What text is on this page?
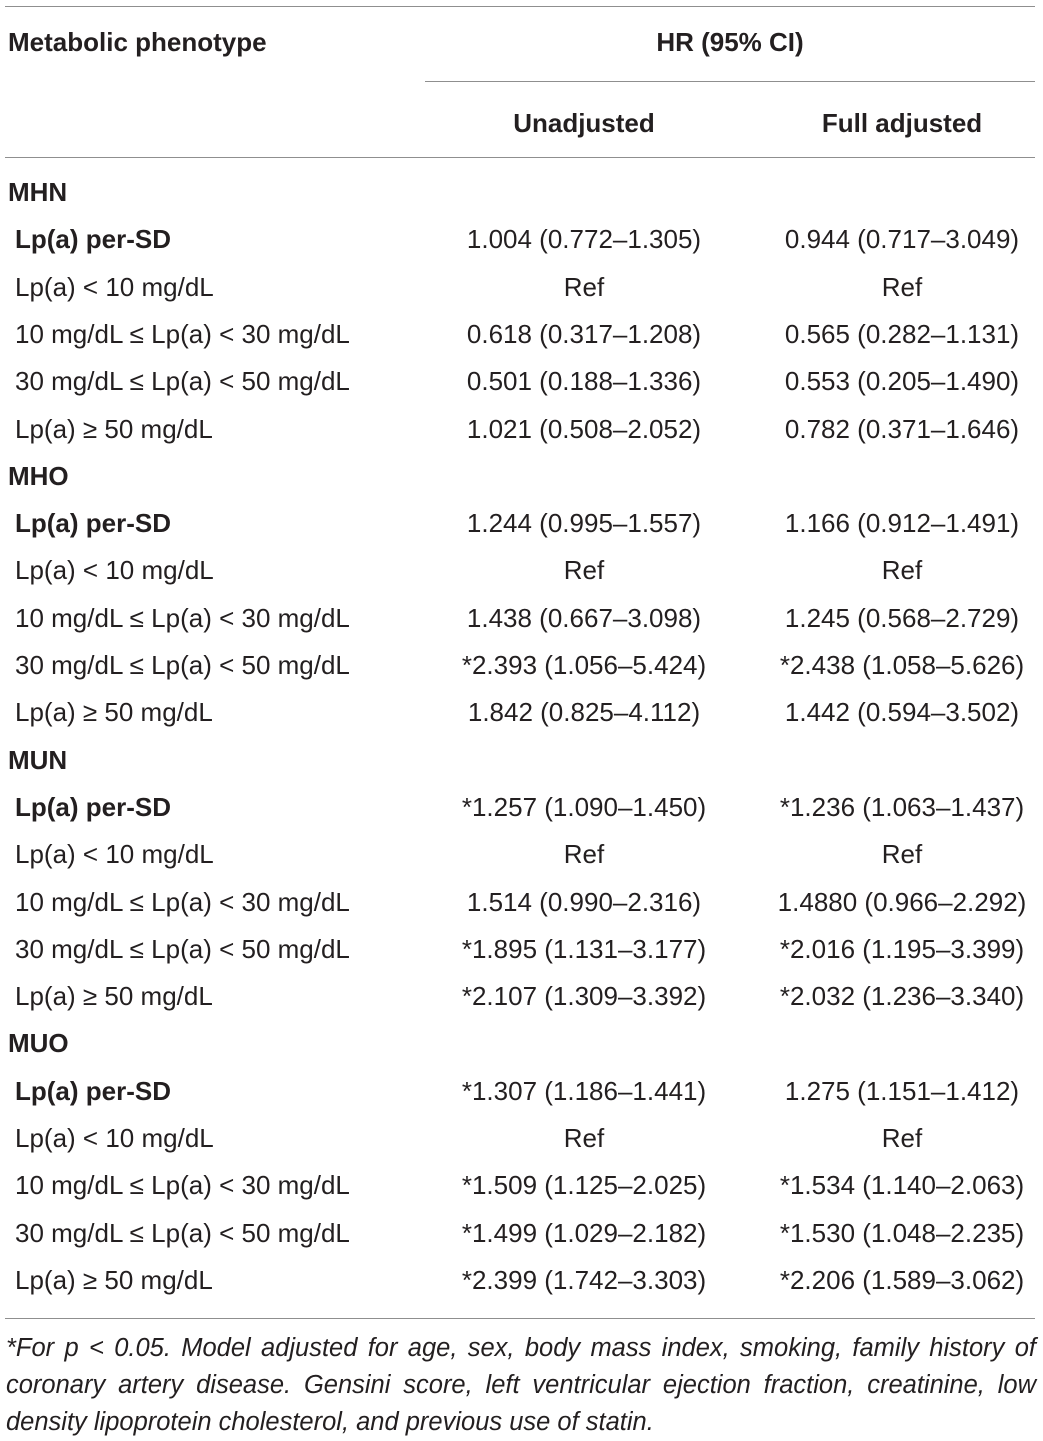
Metabolic phenotype	HR (95% CI)
Unadjusted	Full adjusted
MHN
Lp(a) per-SD	1.004 (0.772–1.305)	0.944 (0.717–3.049)
Lp(a) < 10 mg/dL	Ref	Ref
10 mg/dL ≤ Lp(a) < 30 mg/dL	0.618 (0.317–1.208)	0.565 (0.282–1.131)
30 mg/dL ≤ Lp(a) < 50 mg/dL	0.501 (0.188–1.336)	0.553 (0.205–1.490)
Lp(a) ≥ 50 mg/dL	1.021 (0.508–2.052)	0.782 (0.371–1.646)
MHO
Lp(a) per-SD	1.244 (0.995–1.557)	1.166 (0.912–1.491)
Lp(a) < 10 mg/dL	Ref	Ref
10 mg/dL ≤ Lp(a) < 30 mg/dL	1.438 (0.667–3.098)	1.245 (0.568–2.729)
30 mg/dL ≤ Lp(a) < 50 mg/dL	*2.393 (1.056–5.424)	*2.438 (1.058–5.626)
Lp(a) ≥ 50 mg/dL	1.842 (0.825–4.112)	1.442 (0.594–3.502)
MUN
Lp(a) per-SD	*1.257 (1.090–1.450)	*1.236 (1.063–1.437)
Lp(a) < 10 mg/dL	Ref	Ref
10 mg/dL ≤ Lp(a) < 30 mg/dL	1.514 (0.990–2.316)	1.4880 (0.966–2.292)
30 mg/dL ≤ Lp(a) < 50 mg/dL	*1.895 (1.131–3.177)	*2.016 (1.195–3.399)
Lp(a) ≥ 50 mg/dL	*2.107 (1.309–3.392)	*2.032 (1.236–3.340)
MUO
Lp(a) per-SD	*1.307 (1.186–1.441)	1.275 (1.151–1.412)
Lp(a) < 10 mg/dL	Ref	Ref
10 mg/dL ≤ Lp(a) < 30 mg/dL	*1.509 (1.125–2.025)	*1.534 (1.140–2.063)
30 mg/dL ≤ Lp(a) < 50 mg/dL	*1.499 (1.029–2.182)	*1.530 (1.048–2.235)
Lp(a) ≥ 50 mg/dL	*2.399 (1.742–3.303)	*2.206 (1.589–3.062)
*For p < 0.05. Model adjusted for age, sex, body mass index, smoking, family history of coronary artery disease. Gensini score, left ventricular ejection fraction, creatinine, low density lipoprotein cholesterol, and previous use of statin.
